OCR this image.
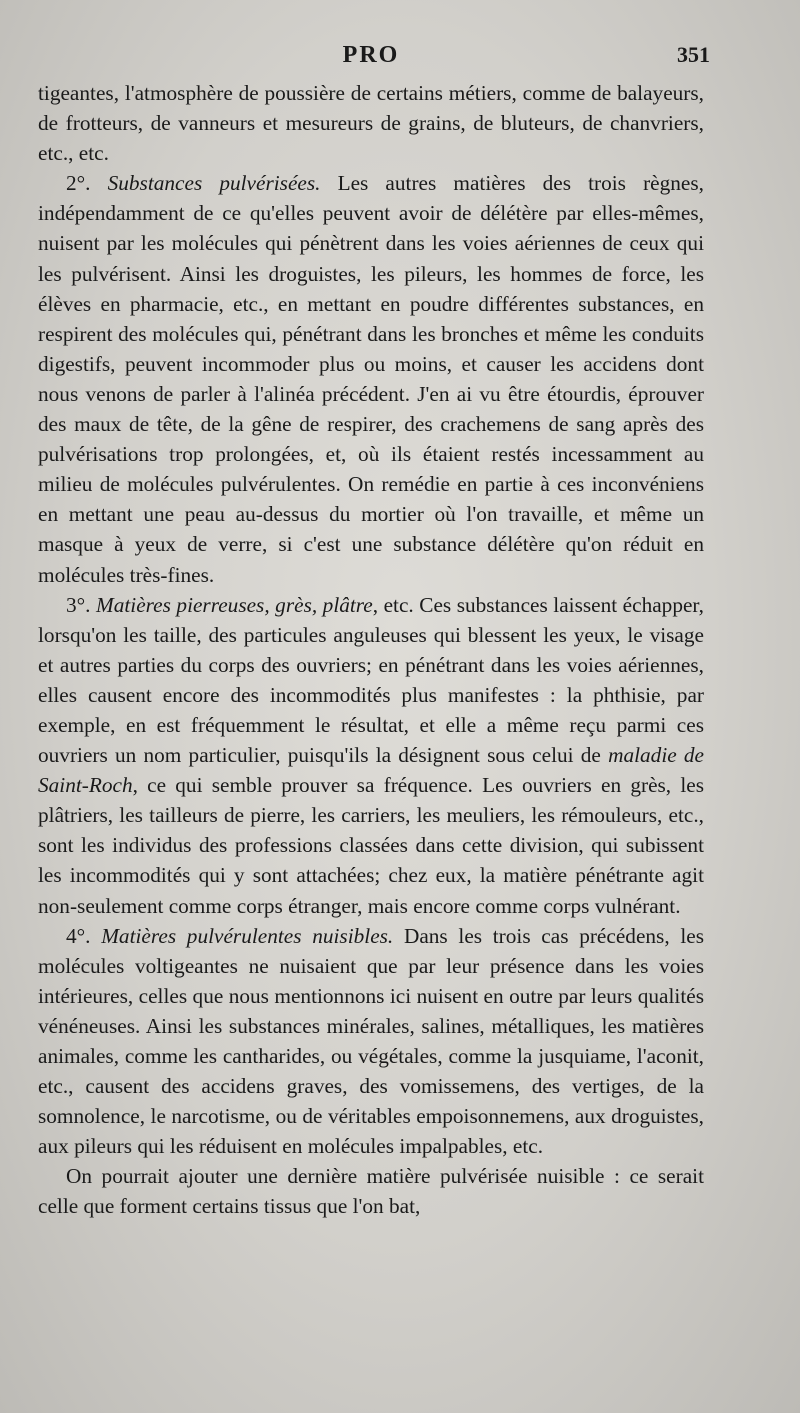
PRO	351

tigeantes, l'atmosphère de poussière de certains métiers, comme de balayeurs, de frotteurs, de vanneurs et mesureurs de grains, de bluteurs, de chanvriers, etc., etc.

2°. Substances pulvérisées. Les autres matières des trois règnes, indépendamment de ce qu'elles peuvent avoir de délétère par elles-mêmes, nuisent par les molécules qui pénètrent dans les voies aériennes de ceux qui les pulvérisent. Ainsi les droguistes, les pileurs, les hommes de force, les élèves en pharmacie, etc., en mettant en poudre différentes substances, en respirent des molécules qui, pénétrant dans les bronches et même les conduits digestifs, peuvent incommoder plus ou moins, et causer les accidens dont nous venons de parler à l'alinéa précédent. J'en ai vu être étourdis, éprouver des maux de tête, de la gêne de respirer, des crachemens de sang après des pulvérisations trop prolongées, et, où ils étaient restés incessamment au milieu de molécules pulvérulentes. On remédie en partie à ces inconvéniens en mettant une peau au-dessus du mortier où l'on travaille, et même un masque à yeux de verre, si c'est une substance délétère qu'on réduit en molécules très-fines.

3°. Matières pierreuses, grès, plâtre, etc. Ces substances laissent échapper, lorsqu'on les taille, des particules anguleuses qui blessent les yeux, le visage et autres parties du corps des ouvriers; en pénétrant dans les voies aériennes, elles causent encore des incommodités plus manifestes : la phthisie, par exemple, en est fréquemment le résultat, et elle a même reçu parmi ces ouvriers un nom particulier, puisqu'ils la désignent sous celui de maladie de Saint-Roch, ce qui semble prouver sa fréquence. Les ouvriers en grès, les plâtriers, les tailleurs de pierre, les carriers, les meuliers, les rémouleurs, etc., sont les individus des professions classées dans cette division, qui subissent les incommodités qui y sont attachées; chez eux, la matière pénétrante agit non-seulement comme corps étranger, mais encore comme corps vulnérant.

4°. Matières pulvérulentes nuisibles. Dans les trois cas précédens, les molécules voltigeantes ne nuisaient que par leur présence dans les voies intérieures, celles que nous mentionnons ici nuisent en outre par leurs qualités vénéneuses. Ainsi les substances minérales, salines, métalliques, les matières animales, comme les cantharides, ou végétales, comme la jusquiame, l'aconit, etc., causent des accidens graves, des vomissemens, des vertiges, de la somnolence, le narcotisme, ou de véritables empoisonnemens, aux droguistes, aux pileurs qui les réduisent en molécules impalpables, etc.

On pourrait ajouter une dernière matière pulvérisée nuisible : ce serait celle que forment certains tissus que l'on bat,
